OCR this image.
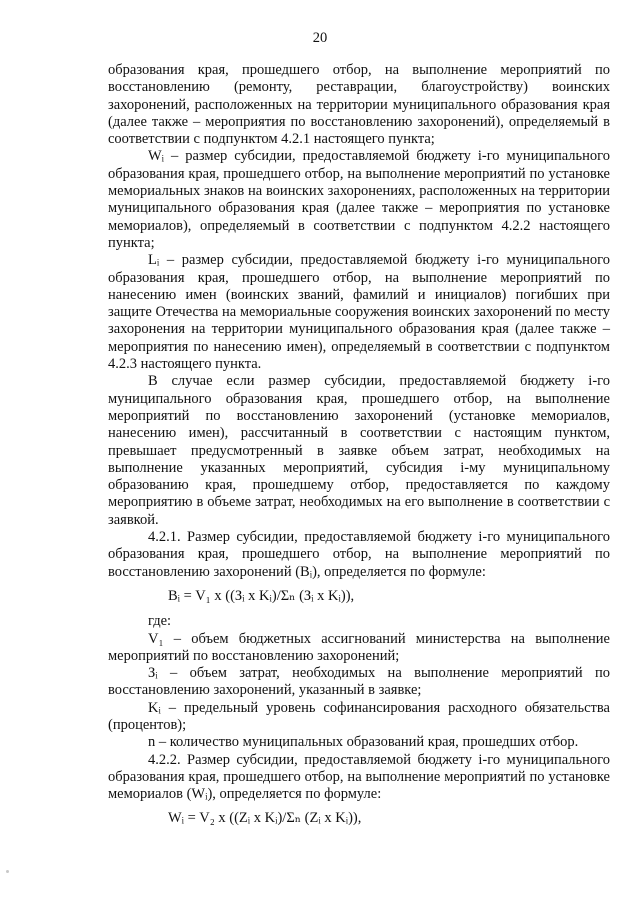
20

образования края, прошедшего отбор, на выполнение мероприятий по восстановлению (ремонту, реставрации, благоустройству) воинских захоронений, расположенных на территории муниципального образования края (далее также – мероприятия по восстановлению захоронений), определяемый в соответствии с подпунктом 4.2.1 настоящего пункта;

Wᵢ – размер субсидии, предоставляемой бюджету i-го муниципального образования края, прошедшего отбор, на выполнение мероприятий по установке мемориальных знаков на воинских захоронениях, расположенных на территории муниципального образования края (далее также – мероприятия по установке мемориалов), определяемый в соответствии с подпунктом 4.2.2 настоящего пункта;

Lᵢ – размер субсидии, предоставляемой бюджету i-го муниципального образования края, прошедшего отбор, на выполнение мероприятий по нанесению имен (воинских званий, фамилий и инициалов) погибших при защите Отечества на мемориальные сооружения воинских захоронений по месту захоронения на территории муниципального образования края (далее также – мероприятия по нанесению имен), определяемый в соответствии с подпунктом 4.2.3 настоящего пункта.

В случае если размер субсидии, предоставляемой бюджету i-го муниципального образования края, прошедшего отбор, на выполнение мероприятий по восстановлению захоронений (установке мемориалов, нанесению имен), рассчитанный в соответствии с настоящим пунктом, превышает предусмотренный в заявке объем затрат, необходимых на выполнение указанных мероприятий, субсидия i-му муниципальному образованию края, прошедшему отбор, предоставляется по каждому мероприятию в объеме затрат, необходимых на его выполнение в соответствии с заявкой.

4.2.1. Размер субсидии, предоставляемой бюджету i-го муниципального образования края, прошедшего отбор, на выполнение мероприятий по восстановлению захоронений (Bᵢ), определяется по формуле:

Bᵢ = V₁ x ((Зᵢ x Kᵢ)/Σₙ (Зᵢ x Kᵢ)),

где:

V₁ – объем бюджетных ассигнований министерства на выполнение мероприятий по восстановлению захоронений;

Зᵢ – объем затрат, необходимых на выполнение мероприятий по восстановлению захоронений, указанный в заявке;

Kᵢ – предельный уровень софинансирования расходного обязательства (процентов);

n – количество муниципальных образований края, прошедших отбор.

4.2.2. Размер субсидии, предоставляемой бюджету i-го муниципального образования края, прошедшего отбор, на выполнение мероприятий по установке мемориалов (Wᵢ), определяется по формуле:

Wᵢ = V₂ x ((Zᵢ x Kᵢ)/Σₙ (Zᵢ x Kᵢ)),
